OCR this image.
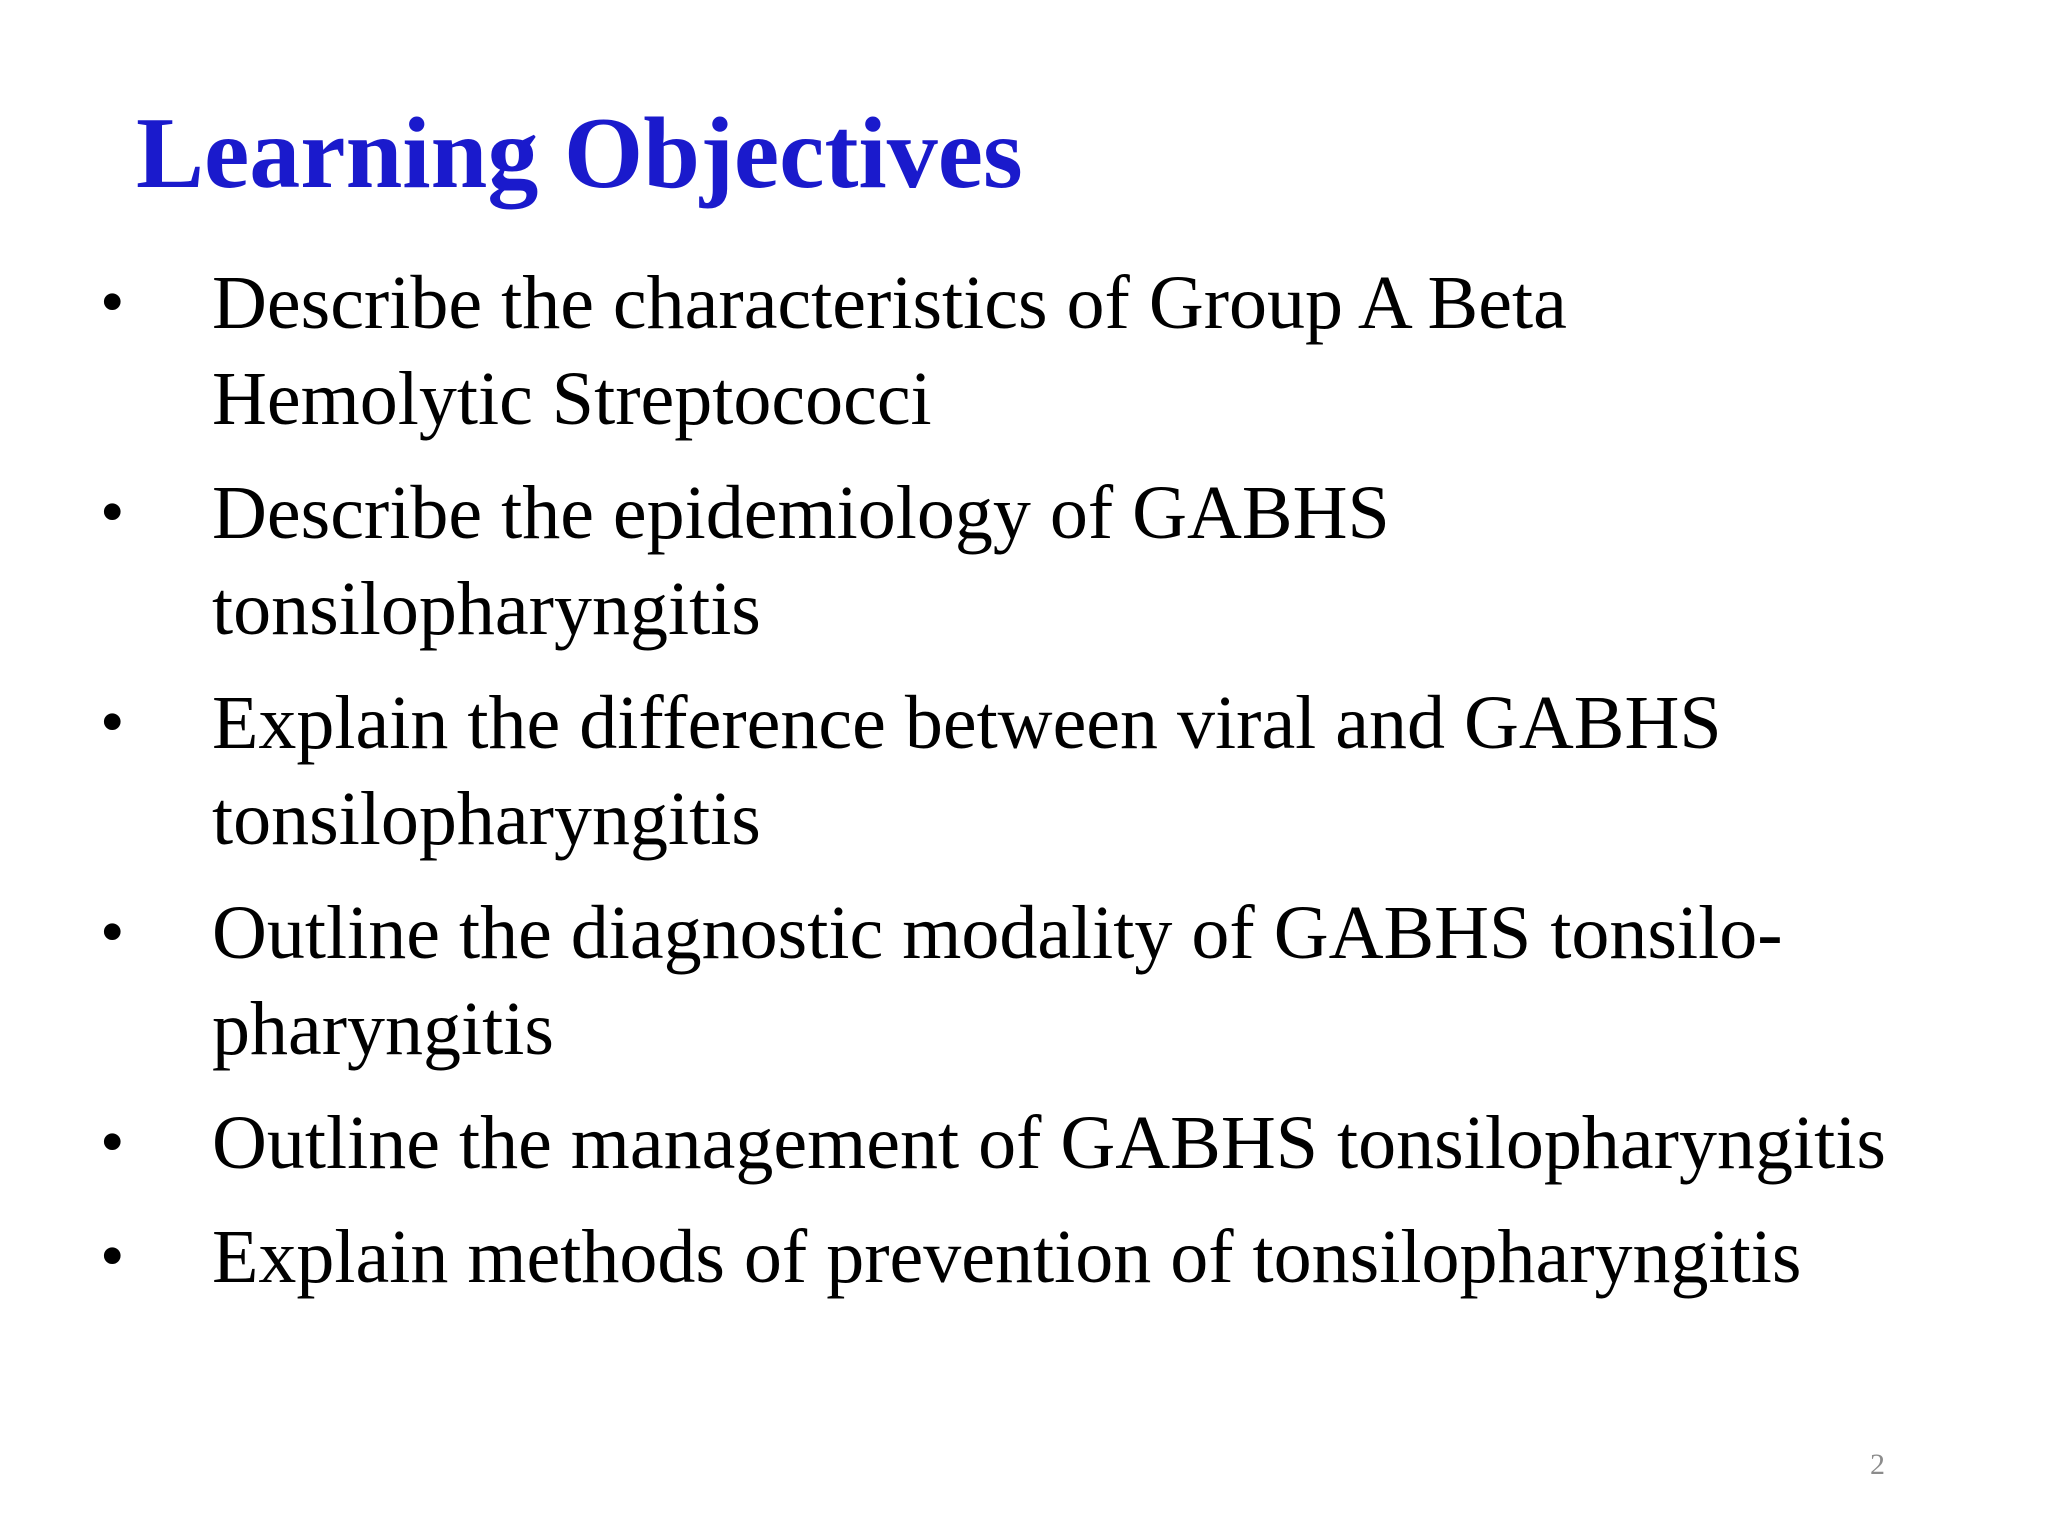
Learning Objectives
• Describe the characteristics of Group A Beta
Hemolytic Streptococci
• Describe the epidemiology of GABHS
tonsilopharyngitis
• Explain the difference between viral and GABHS
tonsilopharyngitis
• Outline the diagnostic modality of GABHS tonsilo-
pharyngitis
• Outline the management of GABHS tonsilopharyngitis
• Explain methods of prevention of tonsilopharyngitis
2
